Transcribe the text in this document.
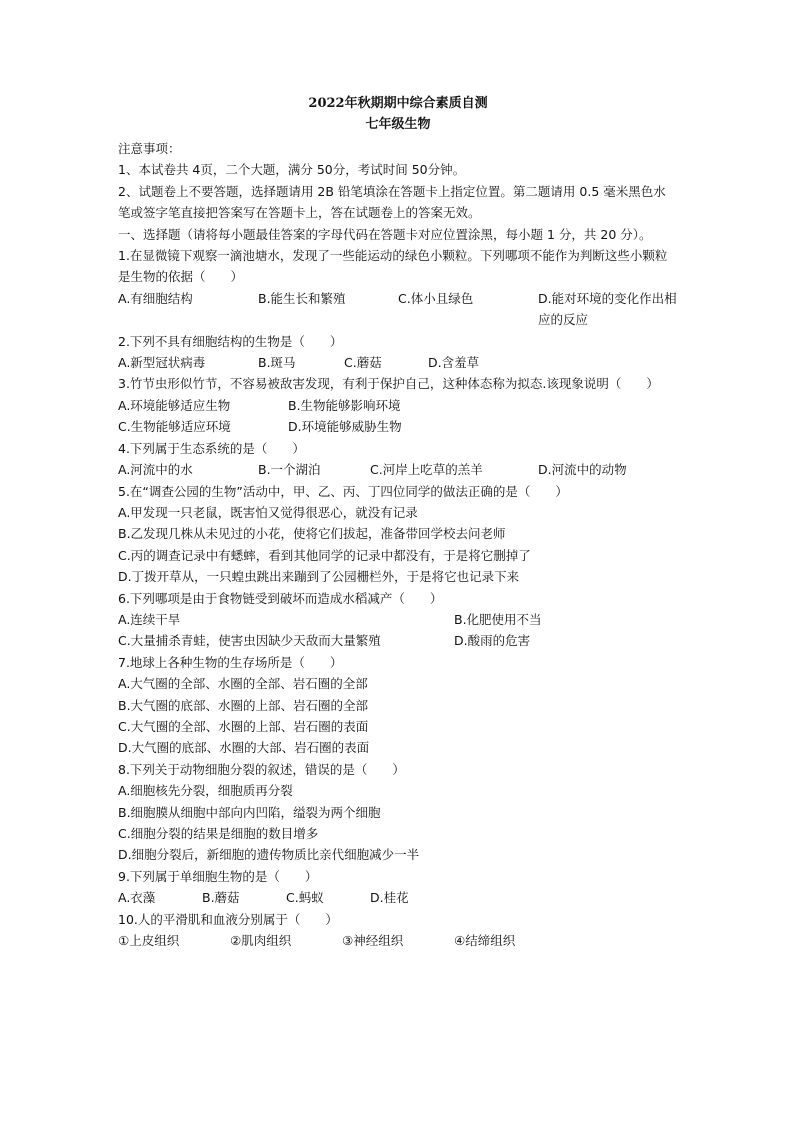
2022年秋期期中综合素质自测

七年级生物

注意事项：

1、本试卷共 4页，二个大题，满分 50分，考试时间 50分钟。

2、试题卷上不要答题，选择题请用 2B 铅笔填涂在答题卡上指定位置。第二题请用 0.5 毫米黑色水笔或签字笔直接把答案写在答题卡上，答在试题卷上的答案无效。

一、选择题（请将每小题最佳答案的字母代码在答题卡对应位置涂黑，每小题 1 分，共 20 分）。

1.在显微镜下观察一滴池塘水，发现了一些能运动的绿色小颗粒。下列哪项不能作为判断这些小颗粒是生物的依据（　　）

A.有细胞结构	B.能生长和繁殖	C.体小且绿色	D.能对环境的变化作出相应的反应

2.下列不具有细胞结构的生物是（　　）

A.新型冠状病毒	B.斑马	C.蘑菇	D.含羞草

3.竹节虫形似竹节，不容易被敌害发现，有利于保护自己，这种体态称为拟态.该现象说明（　　）

A.环境能够适应生物	B.生物能够影响环境
C.生物能够适应环境	D.环境能够威胁生物

4.下列属于生态系统的是（　　）

A.河流中的水	B.一个湖泊	C.河岸上吃草的羔羊	D.河流中的动物

5.在“调查公园的生物”活动中，甲、乙、丙、丁四位同学的做法正确的是（　　）

A.甲发现一只老鼠，既害怕又觉得很恶心，就没有记录

B.乙发现几株从未见过的小花，使将它们拔起，准备带回学校去问老师

C.丙的调查记录中有蟋蟀，看到其他同学的记录中都没有，于是将它删掉了

D.丁拨开草从，一只蝗虫跳出来蹦到了公园栅栏外，于是将它也记录下来

6.下列哪项是由于食物链受到破坏而造成水稻减产（　　）

A.连续干旱	B.化肥使用不当
C.大量捕杀青蛙，使害虫因缺少天敌而大量繁殖	D.酸雨的危害

7.地球上各种生物的生存场所是（　　）

A.大气圈的全部、水圈的全部、岩石圈的全部

B.大气圈的底部、水圈的上部、岩石圈的全部

C.大气圈的全部、水圈的上部、岩石圈的表面

D.大气圈的底部、水圈的大部、岩石圈的表面

8.下列关于动物细胞分裂的叙述，错误的是（　　）

A.细胞核先分裂，细胞质再分裂

B.细胞膜从细胞中部向内凹陷，缢裂为两个细胞

C.细胞分裂的结果是细胞的数目增多

D.细胞分裂后，新细胞的遗传物质比亲代细胞减少一半

9.下列属于单细胞生物的是（　　）

A.衣藻	B.蘑菇	C.蚂蚁	D.桂花

10.人的平滑肌和血液分别属于（　　）

①上皮组织	②肌肉组织	③神经组织	④结缔组织
